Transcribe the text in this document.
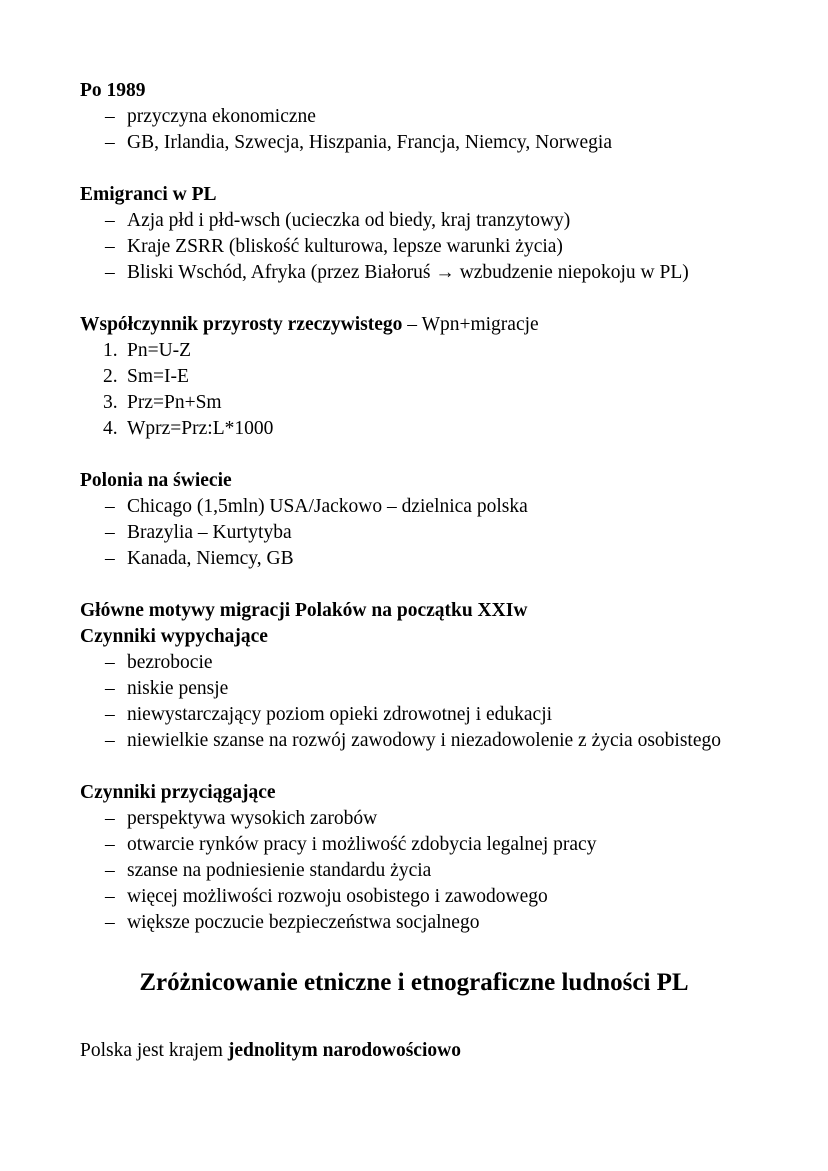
Po 1989

– przyczyna ekonomiczne
– GB, Irlandia, Szwecja, Hiszpania, Francja, Niemcy, Norwegia

Emigranci w PL

– Azja płd i płd-wsch (ucieczka od biedy, kraj tranzytowy)
– Kraje ZSRR (bliskość kulturowa, lepsze warunki życia)
– Bliski Wschód, Afryka (przez Białoruś → wzbudzenie niepokoju w PL)

Współczynnik przyrosty rzeczywistego – Wpn+migracje

1. Pn=U-Z
2. Sm=I-E
3. Prz=Pn+Sm
4. Wprz=Prz:L*1000

Polonia na świecie

– Chicago (1,5mln) USA/Jackowo – dzielnica polska
– Brazylia – Kurtytyba
– Kanada, Niemcy, GB

Główne motywy migracji Polaków na początku XXIw

Czynniki wypychające

– bezrobocie
– niskie pensje
– niewystarczający poziom opieki zdrowotnej i edukacji
– niewielkie szanse na rozwój zawodowy i niezadowolenie z życia osobistego

Czynniki przyciągające

– perspektywa wysokich zarobów
– otwarcie rynków pracy i możliwość zdobycia legalnej pracy
– szanse na podniesienie standardu życia
– więcej możliwości rozwoju osobistego i zawodowego
– większe poczucie bezpieczeństwa socjalnego

Zróżnicowanie etniczne i etnograficzne ludności PL

Polska jest krajem jednolitym narodowościowo
